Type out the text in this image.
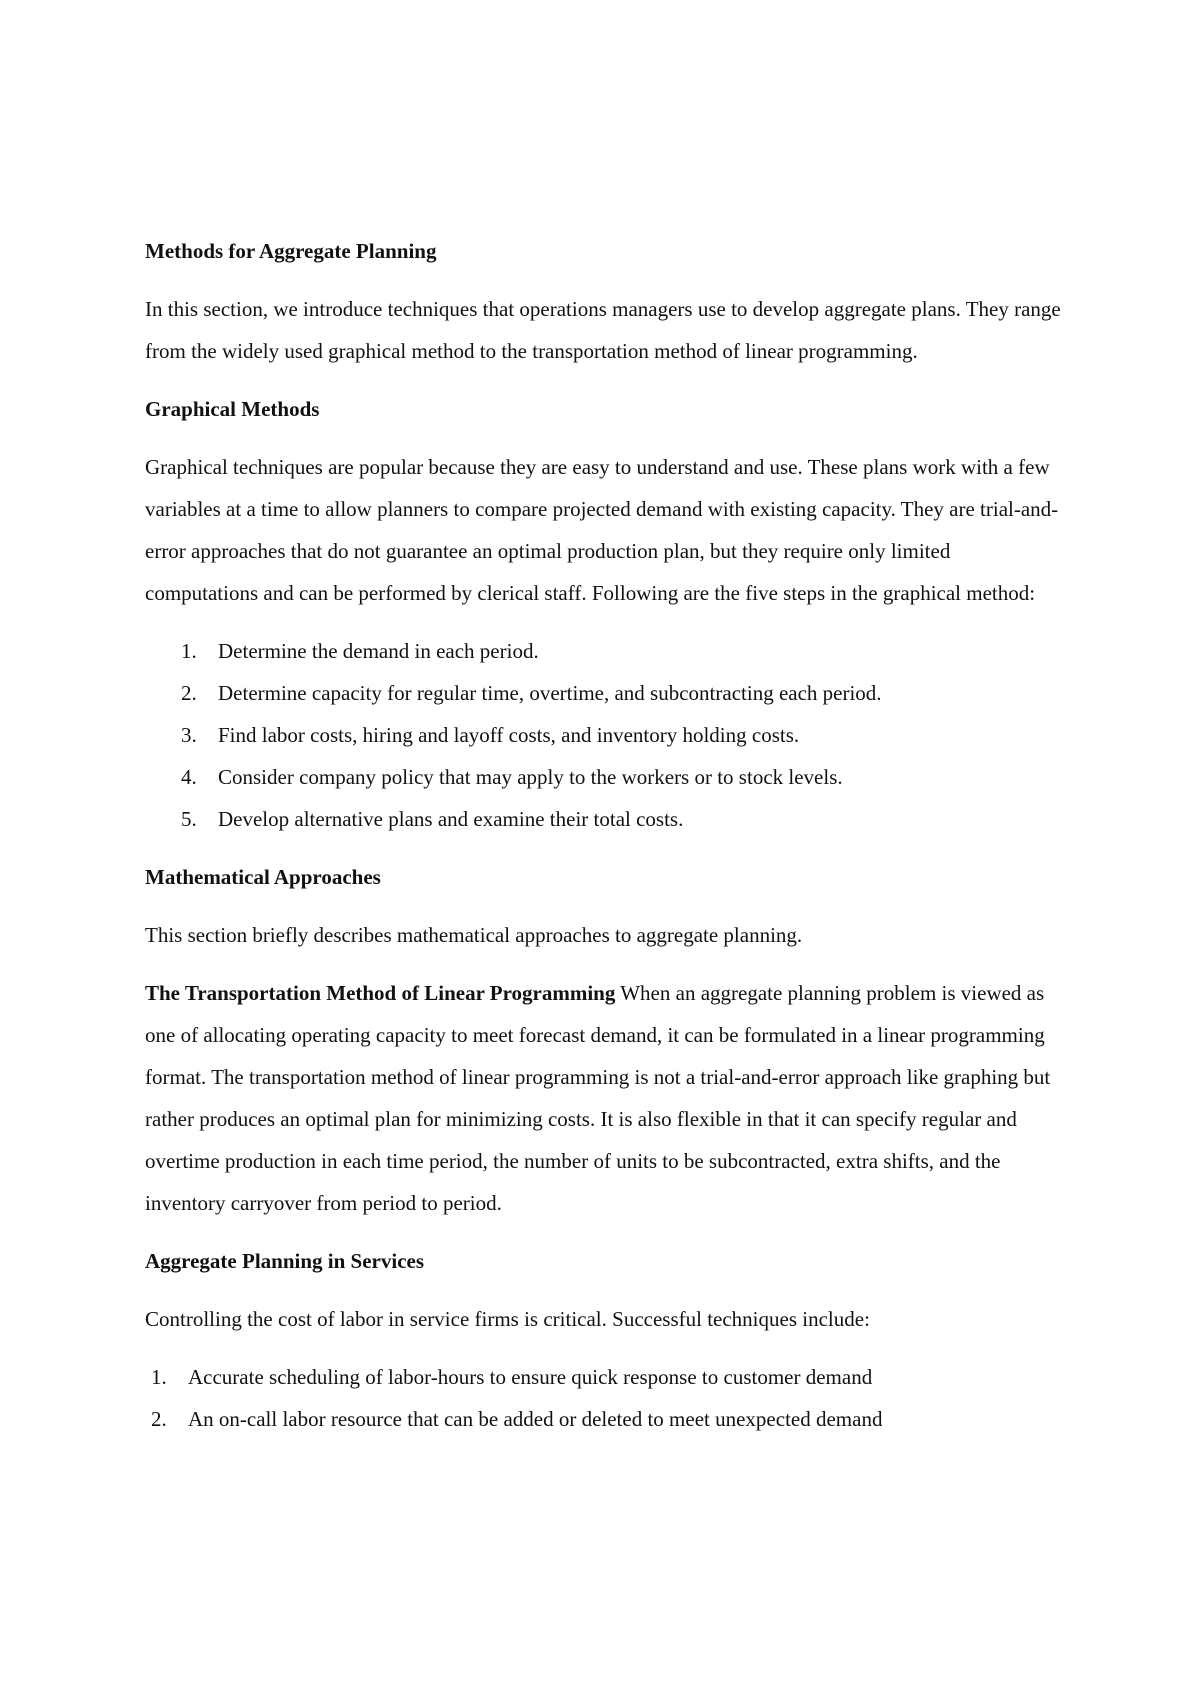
Methods for Aggregate Planning

In this section, we introduce techniques that operations managers use to develop aggregate plans. They range from the widely used graphical method to the transportation method of linear programming.

Graphical Methods

Graphical techniques are popular because they are easy to understand and use. These plans work with a few variables at a time to allow planners to compare projected demand with existing capacity. They are trial-and-error approaches that do not guarantee an optimal production plan, but they require only limited computations and can be performed by clerical staff. Following are the five steps in the graphical method:

1. Determine the demand in each period.
2. Determine capacity for regular time, overtime, and subcontracting each period.
3. Find labor costs, hiring and layoff costs, and inventory holding costs.
4. Consider company policy that may apply to the workers or to stock levels.
5. Develop alternative plans and examine their total costs.
Mathematical Approaches

This section briefly describes mathematical approaches to aggregate planning.

The Transportation Method of Linear Programming When an aggregate planning problem is viewed as one of allocating operating capacity to meet forecast demand, it can be formulated in a linear programming format. The transportation method of linear programming is not a trial-and-error approach like graphing but rather produces an optimal plan for minimizing costs. It is also flexible in that it can specify regular and overtime production in each time period, the number of units to be subcontracted, extra shifts, and the inventory carryover from period to period.

Aggregate Planning in Services

Controlling the cost of labor in service firms is critical. Successful techniques include:

1. Accurate scheduling of labor-hours to ensure quick response to customer demand
2. An on-call labor resource that can be added or deleted to meet unexpected demand
